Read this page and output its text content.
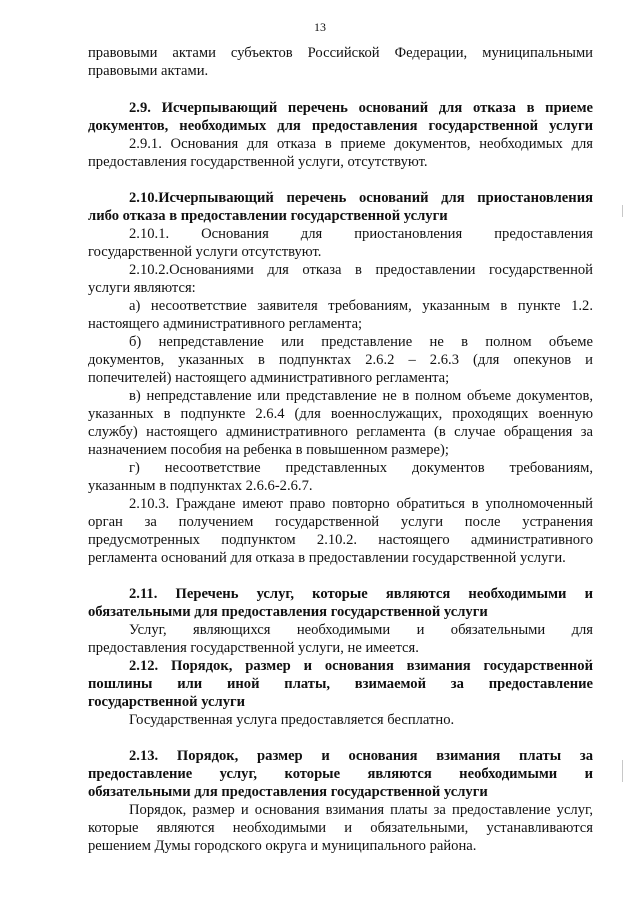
13
правовыми актами субъектов Российской Федерации, муниципальными
правовыми актами.
2.9. Исчерпывающий перечень оснований для отказа в приеме
документов, необходимых для предоставления государственной услуги
2.9.1. Основания для отказа в приеме документов, необходимых для
предоставления государственной услуги, отсутствуют.
2.10.Исчерпывающий перечень оснований для приостановления
либо отказа в предоставлении государственной услуги
2.10.1. Основания для приостановления предоставления
государственной услуги отсутствуют.
2.10.2.Основаниями для отказа в предоставлении государственной
услуги являются:
а) несоответствие заявителя требованиям, указанным в пункте 1.2.
настоящего административного регламента;
б) непредставление или представление не в полном объеме
документов, указанных в подпунктах 2.6.2 – 2.6.3 (для опекунов и
попечителей) настоящего административного регламента;
в) непредставление или представление не в полном объеме документов,
указанных в подпункте 2.6.4 (для военнослужащих, проходящих военную
службу) настоящего административного регламента (в случае обращения за
назначением пособия на ребенка в повышенном размере);
г) несоответствие представленных документов требованиям,
указанным в подпунктах 2.6.6-2.6.7.
2.10.3. Граждане имеют право повторно обратиться в уполномоченный
орган за получением государственной услуги после устранения
предусмотренных подпунктом 2.10.2. настоящего административного
регламента оснований для отказа в предоставлении государственной услуги.
2.11. Перечень услуг, которые являются необходимыми и
обязательными для предоставления государственной услуги
Услуг, являющихся необходимыми и обязательными для
предоставления государственной услуги, не имеется.
2.12. Порядок, размер и основания взимания государственной
пошлины или иной платы, взимаемой за предоставление
государственной услуги
Государственная услуга предоставляется бесплатно.
2.13. Порядок, размер и основания взимания платы за
предоставление услуг, которые являются необходимыми и
обязательными для предоставления государственной услуги
Порядок, размер и основания взимания платы за предоставление услуг,
которые являются необходимыми и обязательными, устанавливаются
решением Думы городского округа и муниципального района.
